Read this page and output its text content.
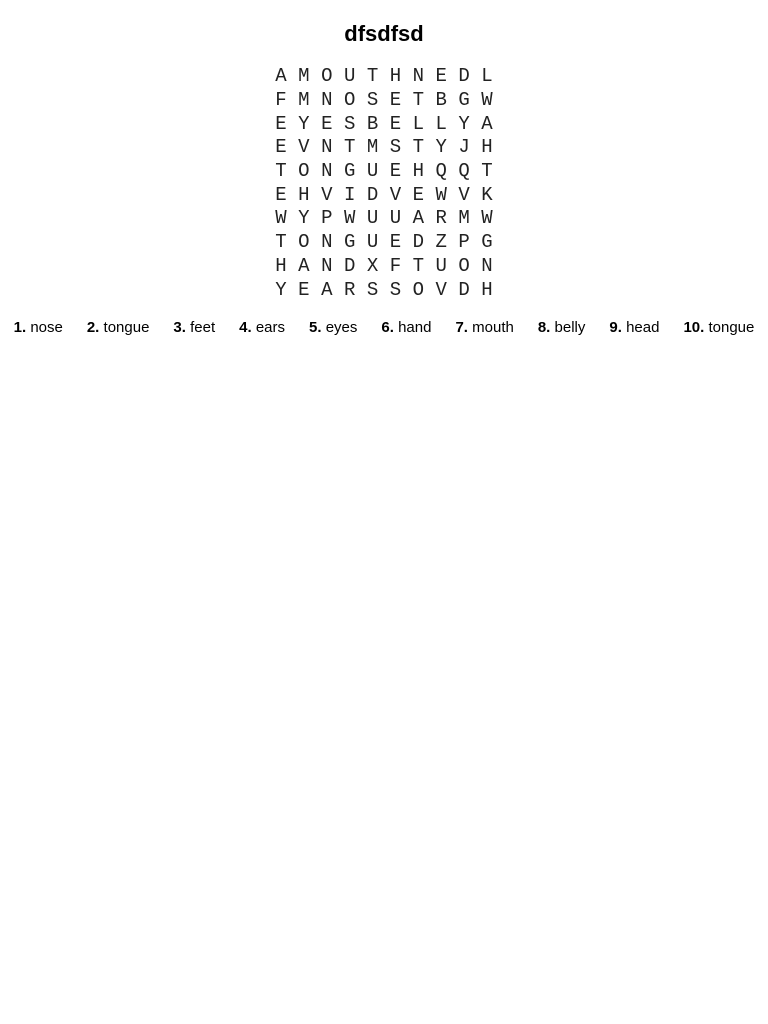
dfsdfsd
A M O U T H N E D L
F M N O S E T B G W
E Y E S B E L L Y A
E V N T M S T Y J H
T O N G U E H Q Q T
E H V I D V E W V K
W Y P W U U A R M W
T O N G U E D Z P G
H A N D X F T U O N
Y E A R S S O V D H
1. nose 2. tongue 3. feet 4. ears 5. eyes 6. hand 7. mouth 8. belly 9. head 10. tongue
